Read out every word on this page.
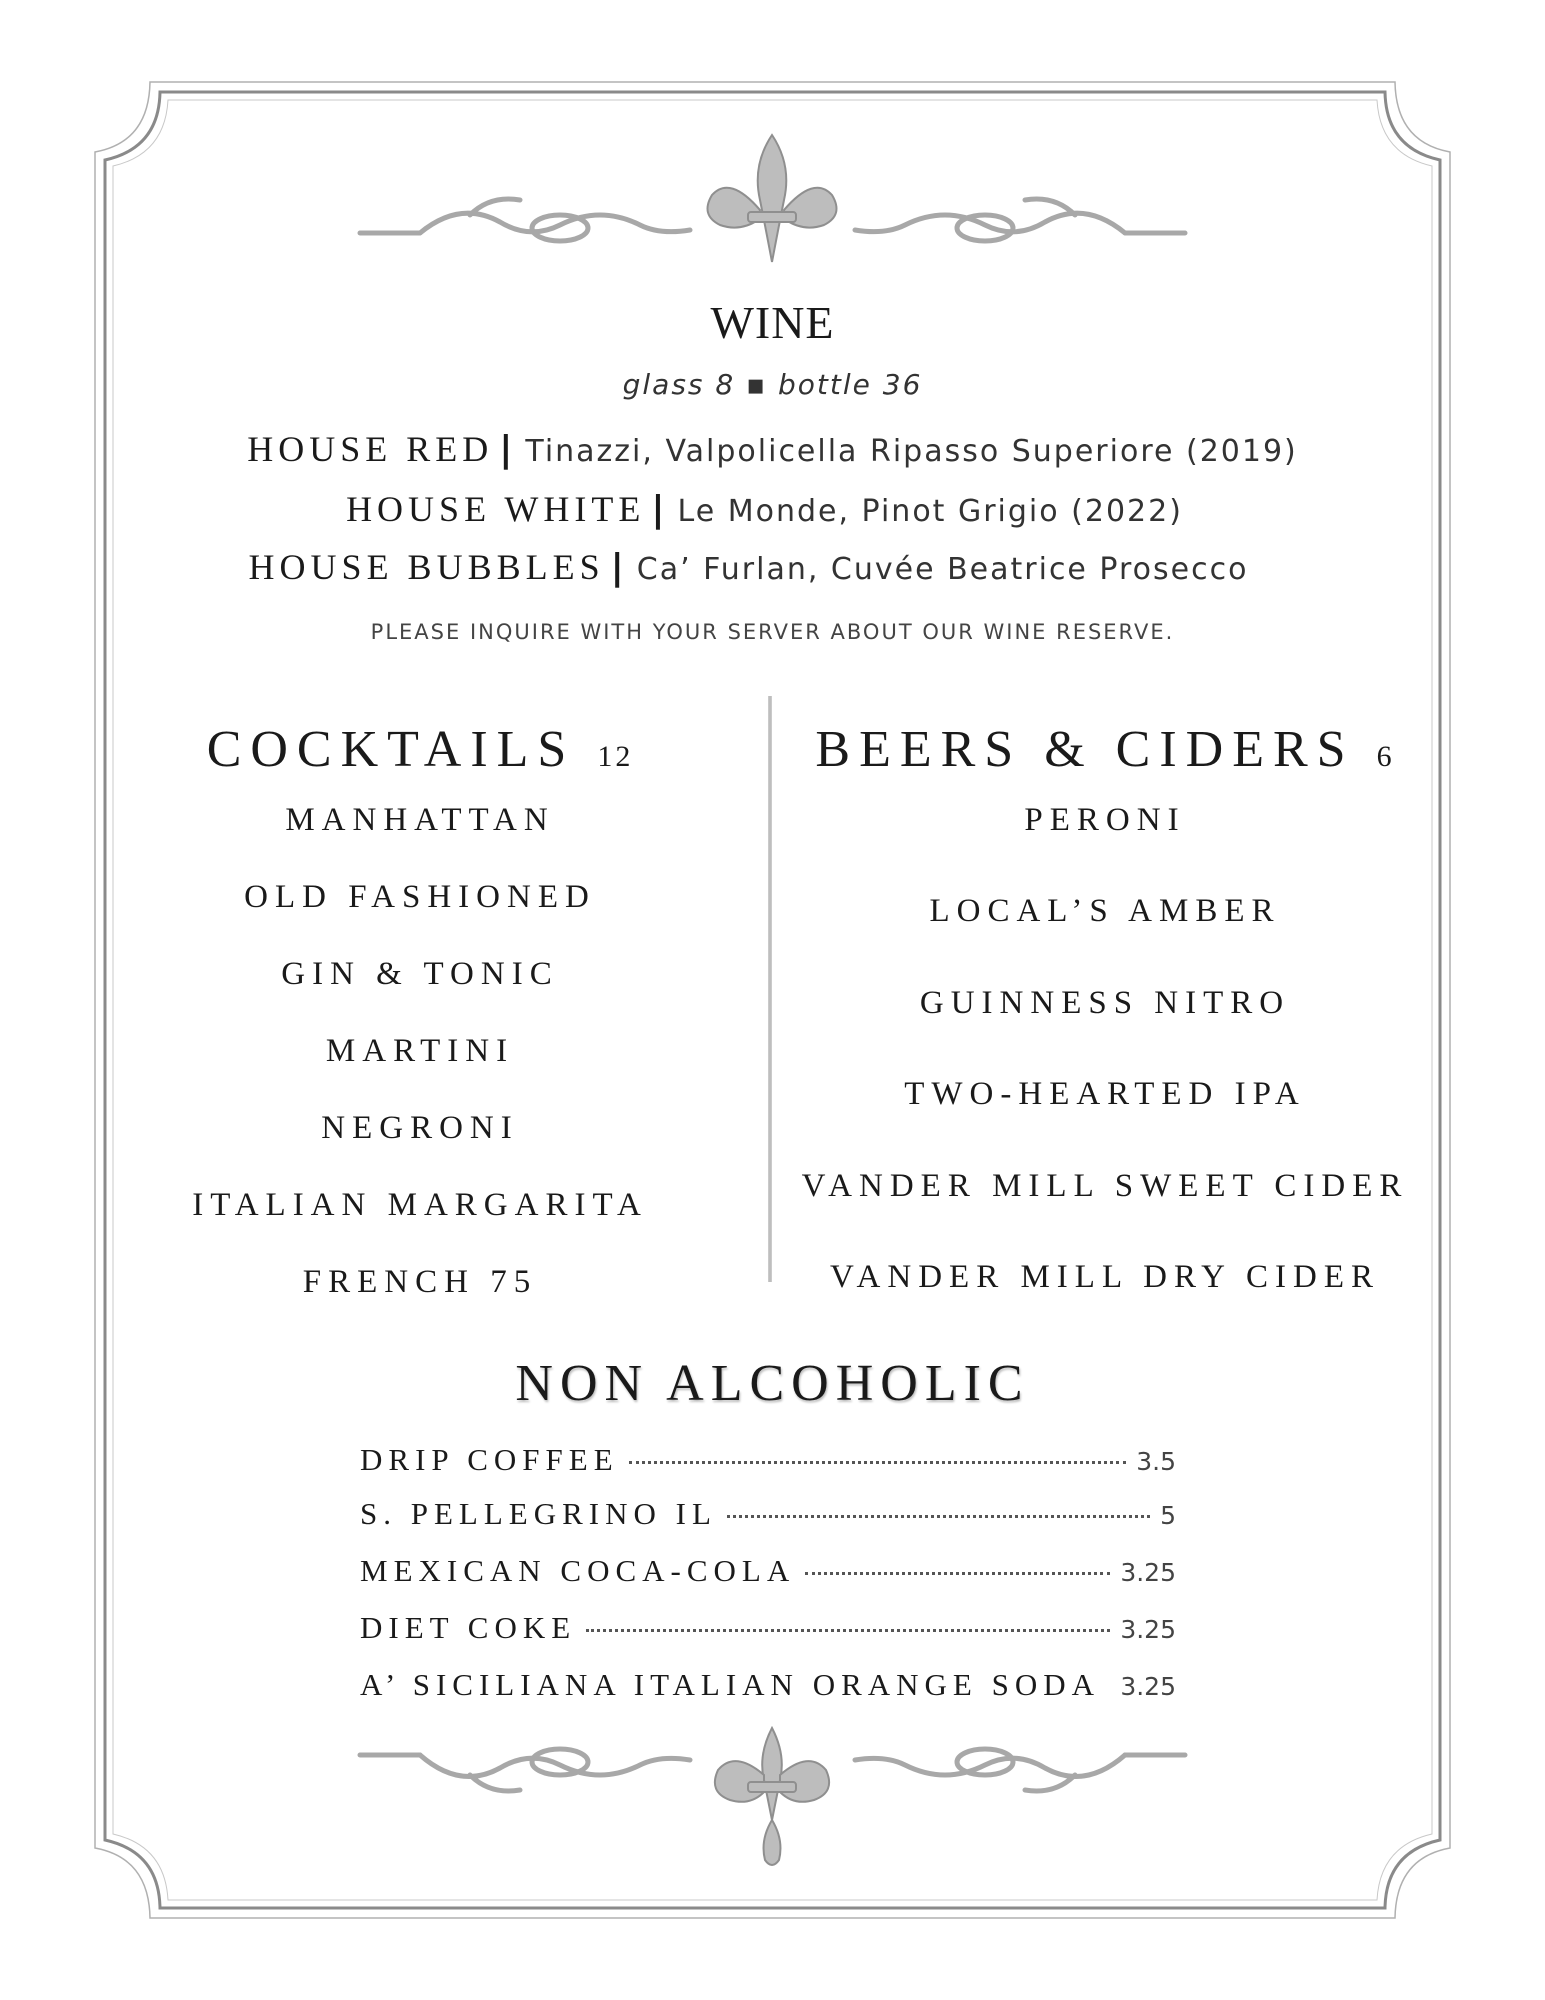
WINE
glass 8 ▪ bottle 36
HOUSE RED | Tinazzi, Valpolicella Ripasso Superiore (2019)
HOUSE WHITE | Le Monde, Pinot Grigio (2022)
HOUSE BUBBLES | Ca’ Furlan, Cuvée Beatrice Prosecco
PLEASE INQUIRE WITH YOUR SERVER ABOUT OUR WINE RESERVE.
COCKTAILS 12
MANHATTAN
OLD FASHIONED
GIN & TONIC
MARTINI
NEGRONI
ITALIAN MARGARITA
FRENCH 75
BEERS & CIDERS 6
PERONI
LOCAL’S AMBER
GUINNESS NITRO
TWO-HEARTED IPA
VANDER MILL SWEET CIDER
VANDER MILL DRY CIDER
NON ALCOHOLIC
DRIP COFFEE	3.5
S. PELLEGRINO IL	5
MEXICAN COCA-COLA	3.25
DIET COKE	3.25
A’ SICILIANA ITALIAN ORANGE SODA 3.25
